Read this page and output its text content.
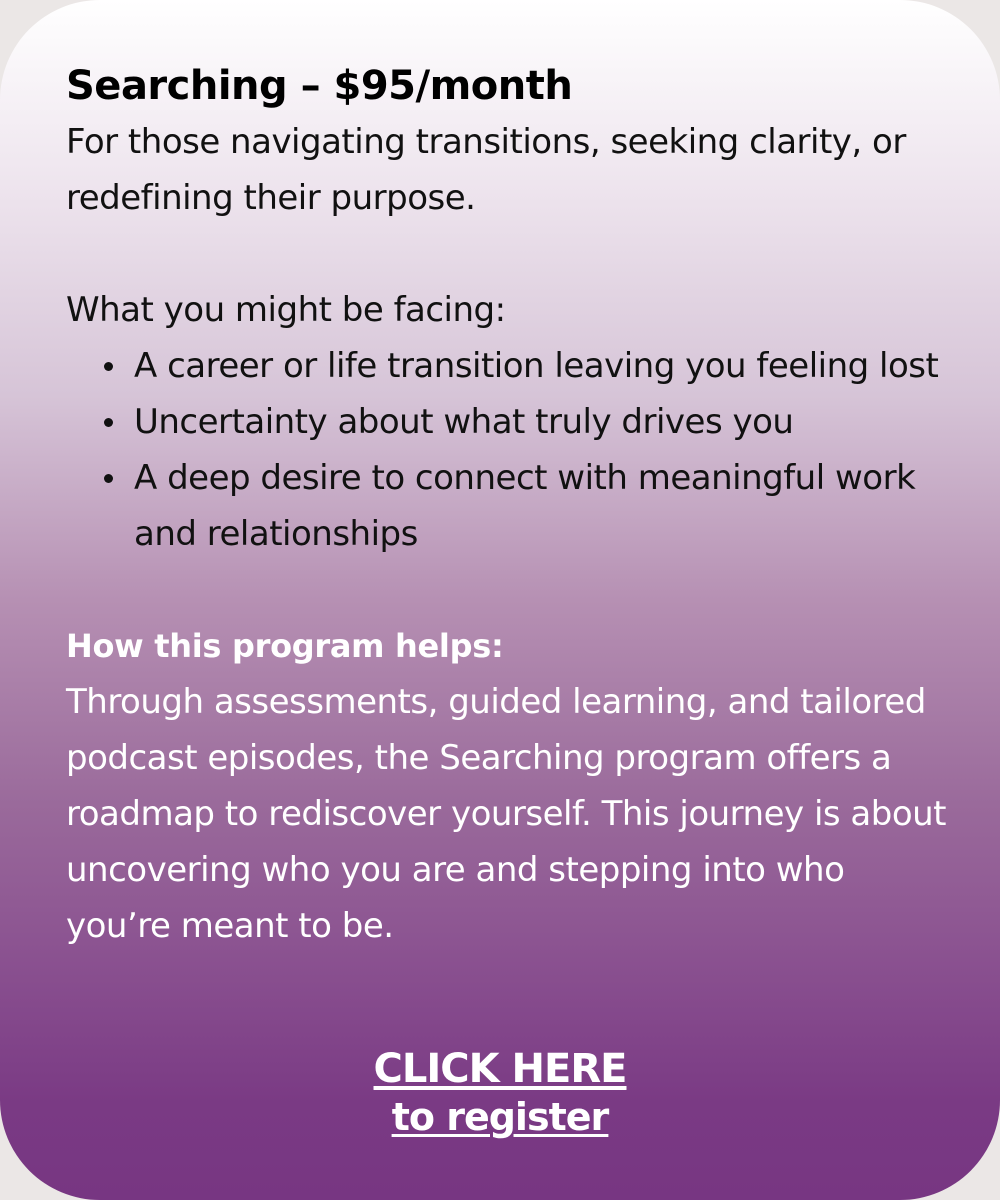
Searching – $95/month

For those navigating transitions, seeking clarity, or redefining their purpose.

What you might be facing:

A career or life transition leaving you feeling lost
Uncertainty about what truly drives you
A deep desire to connect with meaningful work and relationships

How this program helps:

Through assessments, guided learning, and tailored podcast episodes, the Searching program offers a roadmap to rediscover yourself. This journey is about uncovering who you are and stepping into who you’re meant to be.

CLICK HERE
to register
